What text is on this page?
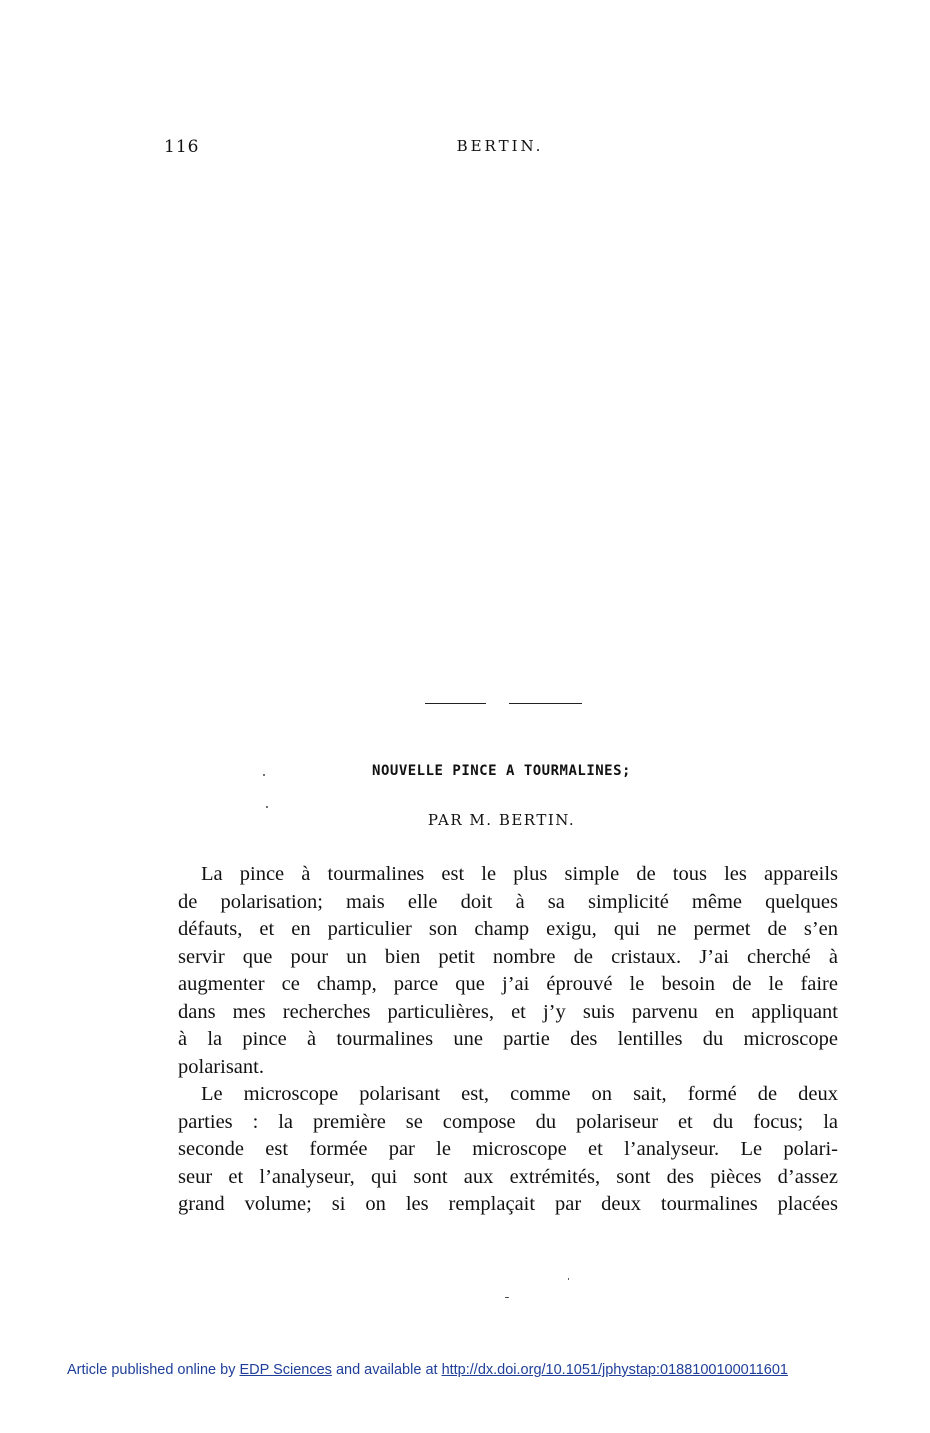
116	BERTIN.
NOUVELLE PINCE A TOURMALINES;
PAR M. BERTIN.
La pince à tourmalines est le plus simple de tous les appareils
de polarisation; mais elle doit à sa simplicité même quelques
défauts, et en particulier son champ exigu, qui ne permet de s’en
servir que pour un bien petit nombre de cristaux. J’ai cherché à
augmenter ce champ, parce que j’ai éprouvé le besoin de le faire
dans mes recherches particulières, et j’y suis parvenu en appliquant
à la pince à tourmalines une partie des lentilles du microscope
polarisant.
Le microscope polarisant est, comme on sait, formé de deux
parties : la première se compose du polariseur et du focus; la
seconde est formée par le microscope et l’analyseur. Le polari-
seur et l’analyseur, qui sont aux extrémités, sont des pièces d’assez
grand volume; si on les remplaçait par deux tourmalines placées
Article published online by EDP Sciences and available at http://dx.doi.org/10.1051/jphystap:0188100100011601
